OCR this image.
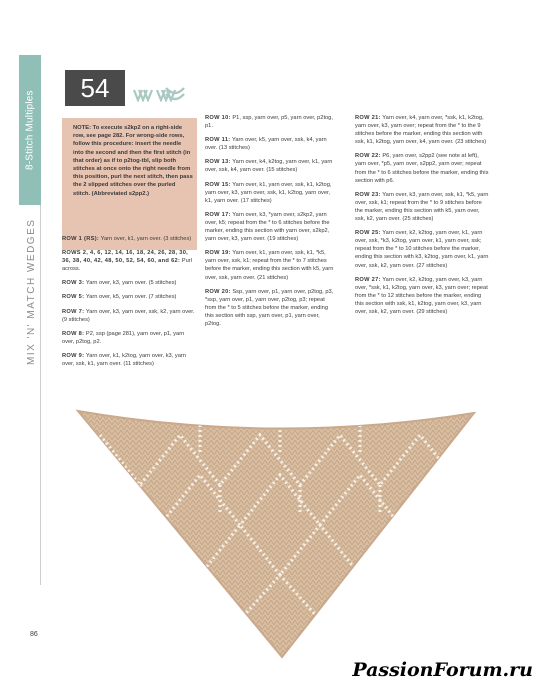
8-Stitch Multiples
MIX 'N' MATCH WEDGES
54
NOTE: To execute s2kp2 on a right-side row, see page 282. For wrong-side rows, follow this procedure: insert the needle into the second and then the first stitch (in that order) as if to p2tog-tbl, slip both stitches at once onto the right needle from this position, purl the next stitch, then pass the 2 slipped stitches over the purled stitch. (Abbreviated s2pp2.)
ROW 1 (RS): Yarn over, k1, yarn over. (3 stitches)
ROWS 2, 4, 6, 12, 14, 16, 18, 24, 26, 28, 30, 36, 38, 40, 42, 48, 50, 52, 54, 60, and 62: Purl across.
ROW 3: Yarn over, k3, yarn over. (5 stitches)
ROW 5: Yarn over, k5, yarn over. (7 stitches)
ROW 7: Yarn over, k3, yarn over, ssk, k2, yarn over. (9 stitches)
ROW 8: P2, ssp (page 281), yarn over, p1, yarn over, p2tog, p2.
ROW 9: Yarn over, k1, k2tog, yarn over, k3, yarn over, ssk, k1, yarn over. (11 stitches)
ROW 10: P1, ssp, yarn over, p5, yarn over, p2tog, p1.
ROW 11: Yarn over, k5, yarn over, ssk, k4, yarn over. (13 stitches)
ROW 13: Yarn over, k4, k2tog, yarn over, k1, yarn over, ssk, k4, yarn over. (15 stitches)
ROW 15: Yarn over, k1, yarn over, ssk, k1, k2tog, yarn over, k3, yarn over, ssk, k1, k2tog, yarn over, k1, yarn over. (17 stitches)
ROW 17: Yarn over, k3, *yarn over, s2kp2, yarn over, k5; repeat from the * to 6 stitches before the marker, ending this section with yarn over, s2kp2, yarn over, k3, yarn over. (19 stitches)
ROW 19: Yarn over, k1, yarn over, ssk, k1, *k5, yarn over, ssk, k1; repeat from the * to 7 stitches before the marker, ending this section with k5, yarn over, ssk, yarn over. (21 stitches)
ROW 20: Ssp, yarn over, p1, yarn over, p2tog, p3, *ssp, yarn over, p1, yarn over, p2tog, p3; repeat from the * to 5 stitches before the marker, ending this section with ssp, yarn over, p1, yarn over, p2tog.
ROW 21: Yarn over, k4, yarn over, *ssk, k1, k2tog, yarn over, k3, yarn over; repeat from the * to the 9 stitches before the marker, ending this section with ssk, k1, k2tog, yarn over, k4, yarn over. (23 stitches)
ROW 22: P6, yarn over, s2pp2 (see note at left), yarn over, *p5, yarn over, s2pp2, yarn over; repeat from the * to 6 stitches before the marker, ending this section with p6.
ROW 23: Yarn over, k3, yarn over, ssk, k1, *k5, yarn over, ssk, k1; repeat from the * to 9 stitches before the marker, ending this section with k5, yarn over, ssk, k2, yarn over. (25 stitches)
ROW 25: Yarn over, k2, k2tog, yarn over, k1, yarn over, ssk, *k3, k2tog, yarn over, k1, yarn over, ssk; repeat from the * to 10 stitches before the marker, ending this section with k3, k2tog, yarn over, k1, yarn over, ssk, k2, yarn over. (27 stitches)
ROW 27: Yarn over, k2, k2tog, yarn over, k3, yarn over, *ssk, k1, k2tog, yarn over, k3, yarn over; repeat from the * to 12 stitches before the marker, ending this section with ssk, k1, k2tog, yarn over, k3, yarn over, ssk, k2, yarn over. (29 stitches)
86
PassionForum.ru
